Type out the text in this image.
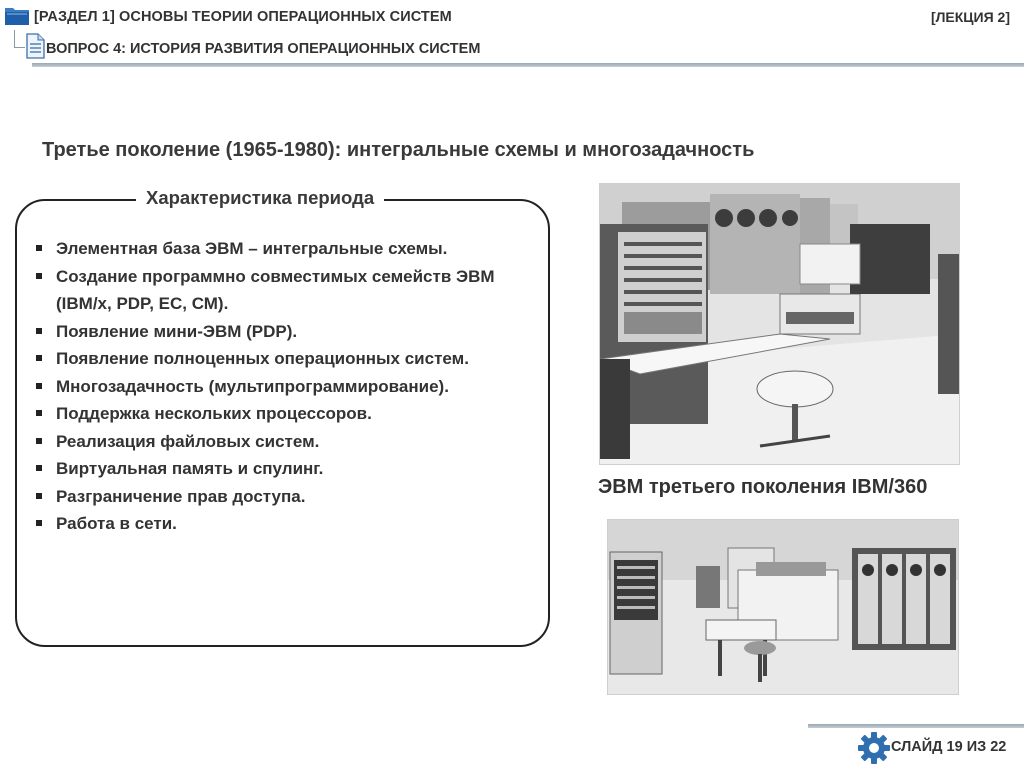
[РАЗДЕЛ 1] ОСНОВЫ ТЕОРИИ ОПЕРАЦИОННЫХ СИСТЕМ
ВОПРОС 4: ИСТОРИЯ РАЗВИТИЯ ОПЕРАЦИОННЫХ СИСТЕМ
[ЛЕКЦИЯ 2]
Третье поколение (1965-1980): интегральные схемы и многозадачность
Характеристика периода
Элементная база ЭВМ – интегральные схемы.
Создание программно совместимых семейств ЭВМ (IBM/x, PDP, ЕС, СМ).
Появление мини-ЭВМ (PDP).
Появление полноценных операционных систем.
Многозадачность (мультипрограммирование).
Поддержка нескольких процессоров.
Реализация файловых систем.
Виртуальная память и спулинг.
Разграничение прав доступа.
Работа в сети.
ЭВМ третьего поколения IBM/360
СЛАЙД 19 ИЗ 22
